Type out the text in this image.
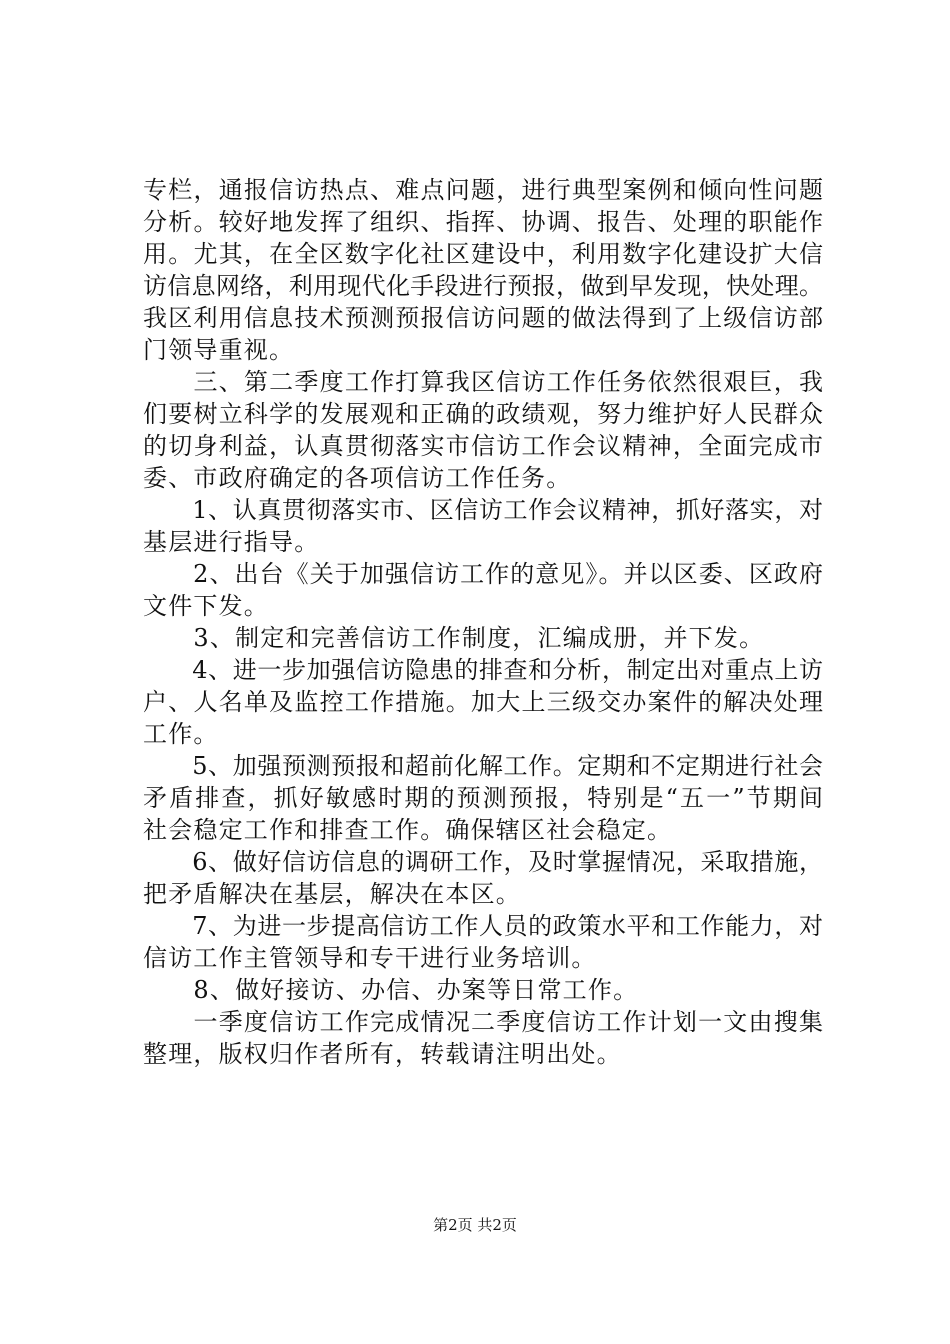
专栏，通报信访热点、难点问题，进行典型案例和倾向性问题
分析。较好地发挥了组织、指挥、协调、报告、处理的职能作
用。尤其，在全区数字化社区建设中，利用数字化建设扩大信
访信息网络，利用现代化手段进行预报，做到早发现，快处理。
我区利用信息技术预测预报信访问题的做法得到了上级信访部
门领导重视。
　　三、第二季度工作打算我区信访工作任务依然很艰巨，我
们要树立科学的发展观和正确的政绩观，努力维护好人民群众
的切身利益，认真贯彻落实市信访工作会议精神，全面完成市
委、市政府确定的各项信访工作任务。
　　1、认真贯彻落实市、区信访工作会议精神，抓好落实，对
基层进行指导。
　　2、出台《关于加强信访工作的意见》。并以区委、区政府
文件下发。
　　3、制定和完善信访工作制度，汇编成册，并下发。
　　4、进一步加强信访隐患的排查和分析，制定出对重点上访
户、人名单及监控工作措施。加大上三级交办案件的解决处理
工作。
　　5、加强预测预报和超前化解工作。定期和不定期进行社会
矛盾排查，抓好敏感时期的预测预报，特别是“五一”节期间
社会稳定工作和排查工作。确保辖区社会稳定。
　　6、做好信访信息的调研工作，及时掌握情况，采取措施，
把矛盾解决在基层，解决在本区。
　　7、为进一步提高信访工作人员的政策水平和工作能力，对
信访工作主管领导和专干进行业务培训。
　　8、做好接访、办信、办案等日常工作。
　　一季度信访工作完成情况二季度信访工作计划一文由搜集
整理，版权归作者所有，转载请注明出处。
第2页 共2页
